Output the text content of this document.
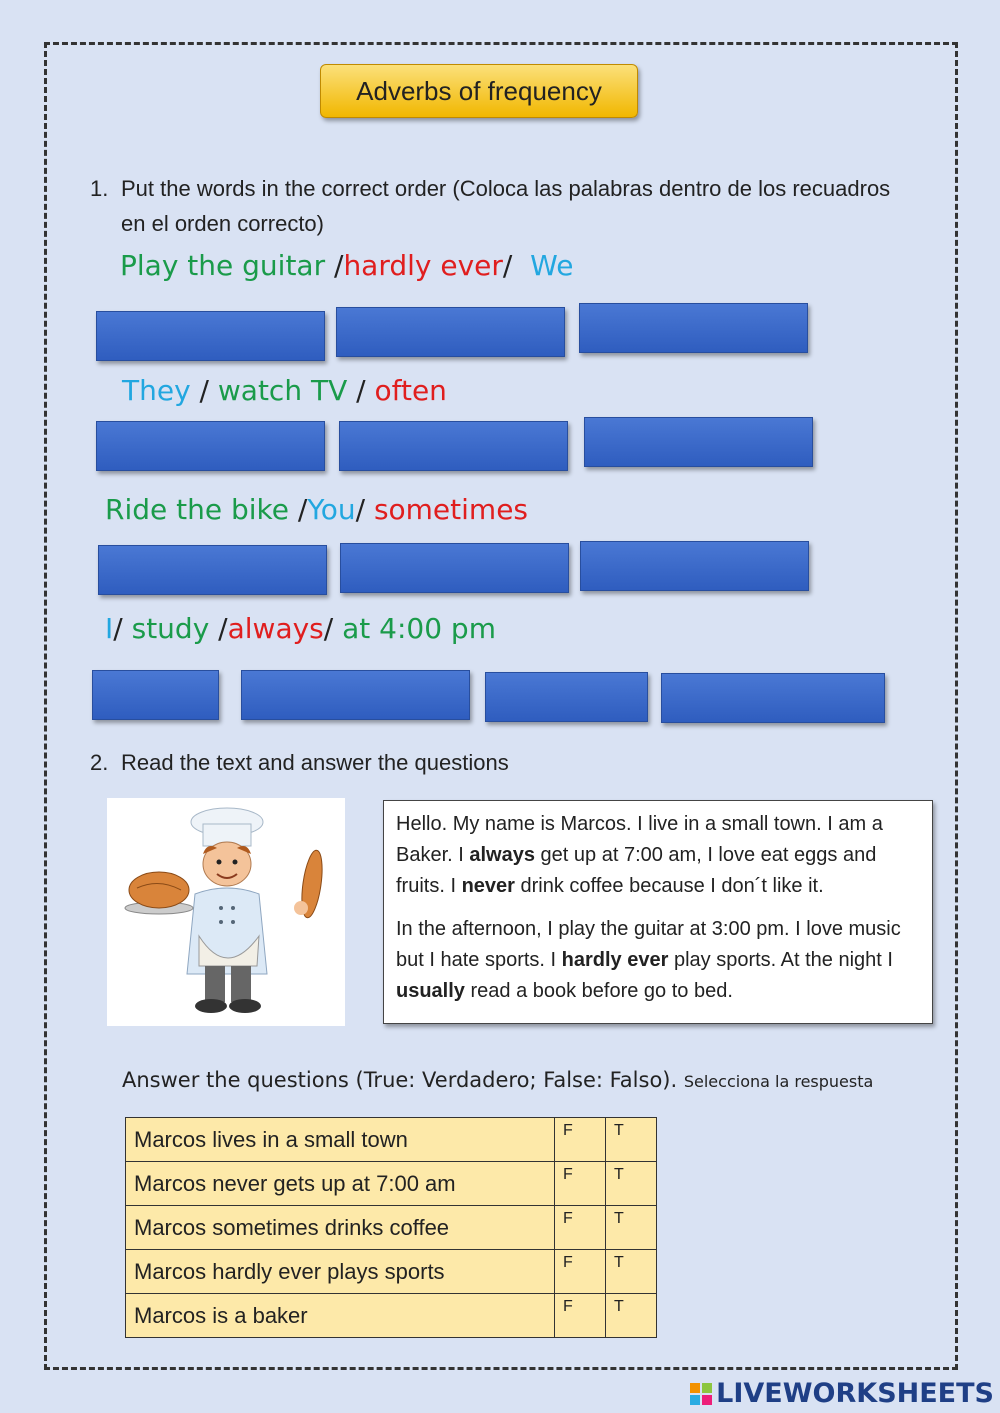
Adverbs of frequency
1. Put the words in the correct order (Coloca las palabras dentro de los recuadros
en el orden correcto)
Play the guitar /hardly ever/  We
They / watch TV / often
Ride the bike /You/ sometimes
I/ study /always/ at 4:00 pm
2. Read the text and answer the questions

Hello. My name is Marcos. I live in a small town. I am a Baker. I always get up at 7:00 am, I love eat eggs and fruits. I never drink coffee because I don´t like it.

In the afternoon, I play the guitar at 3:00 pm. I love music but I hate sports. I hardly ever play sports. At the night I usually read a book before go to bed.

Answer the questions (True: Verdadero; False: Falso). Selecciona la respuesta
Marcos lives in a small town	F	T
Marcos never gets up at 7:00 am	F	T
Marcos sometimes drinks coffee	F	T
Marcos hardly ever plays sports	F	T
Marcos is a baker	F	T
LIVEWORKSHEETS
